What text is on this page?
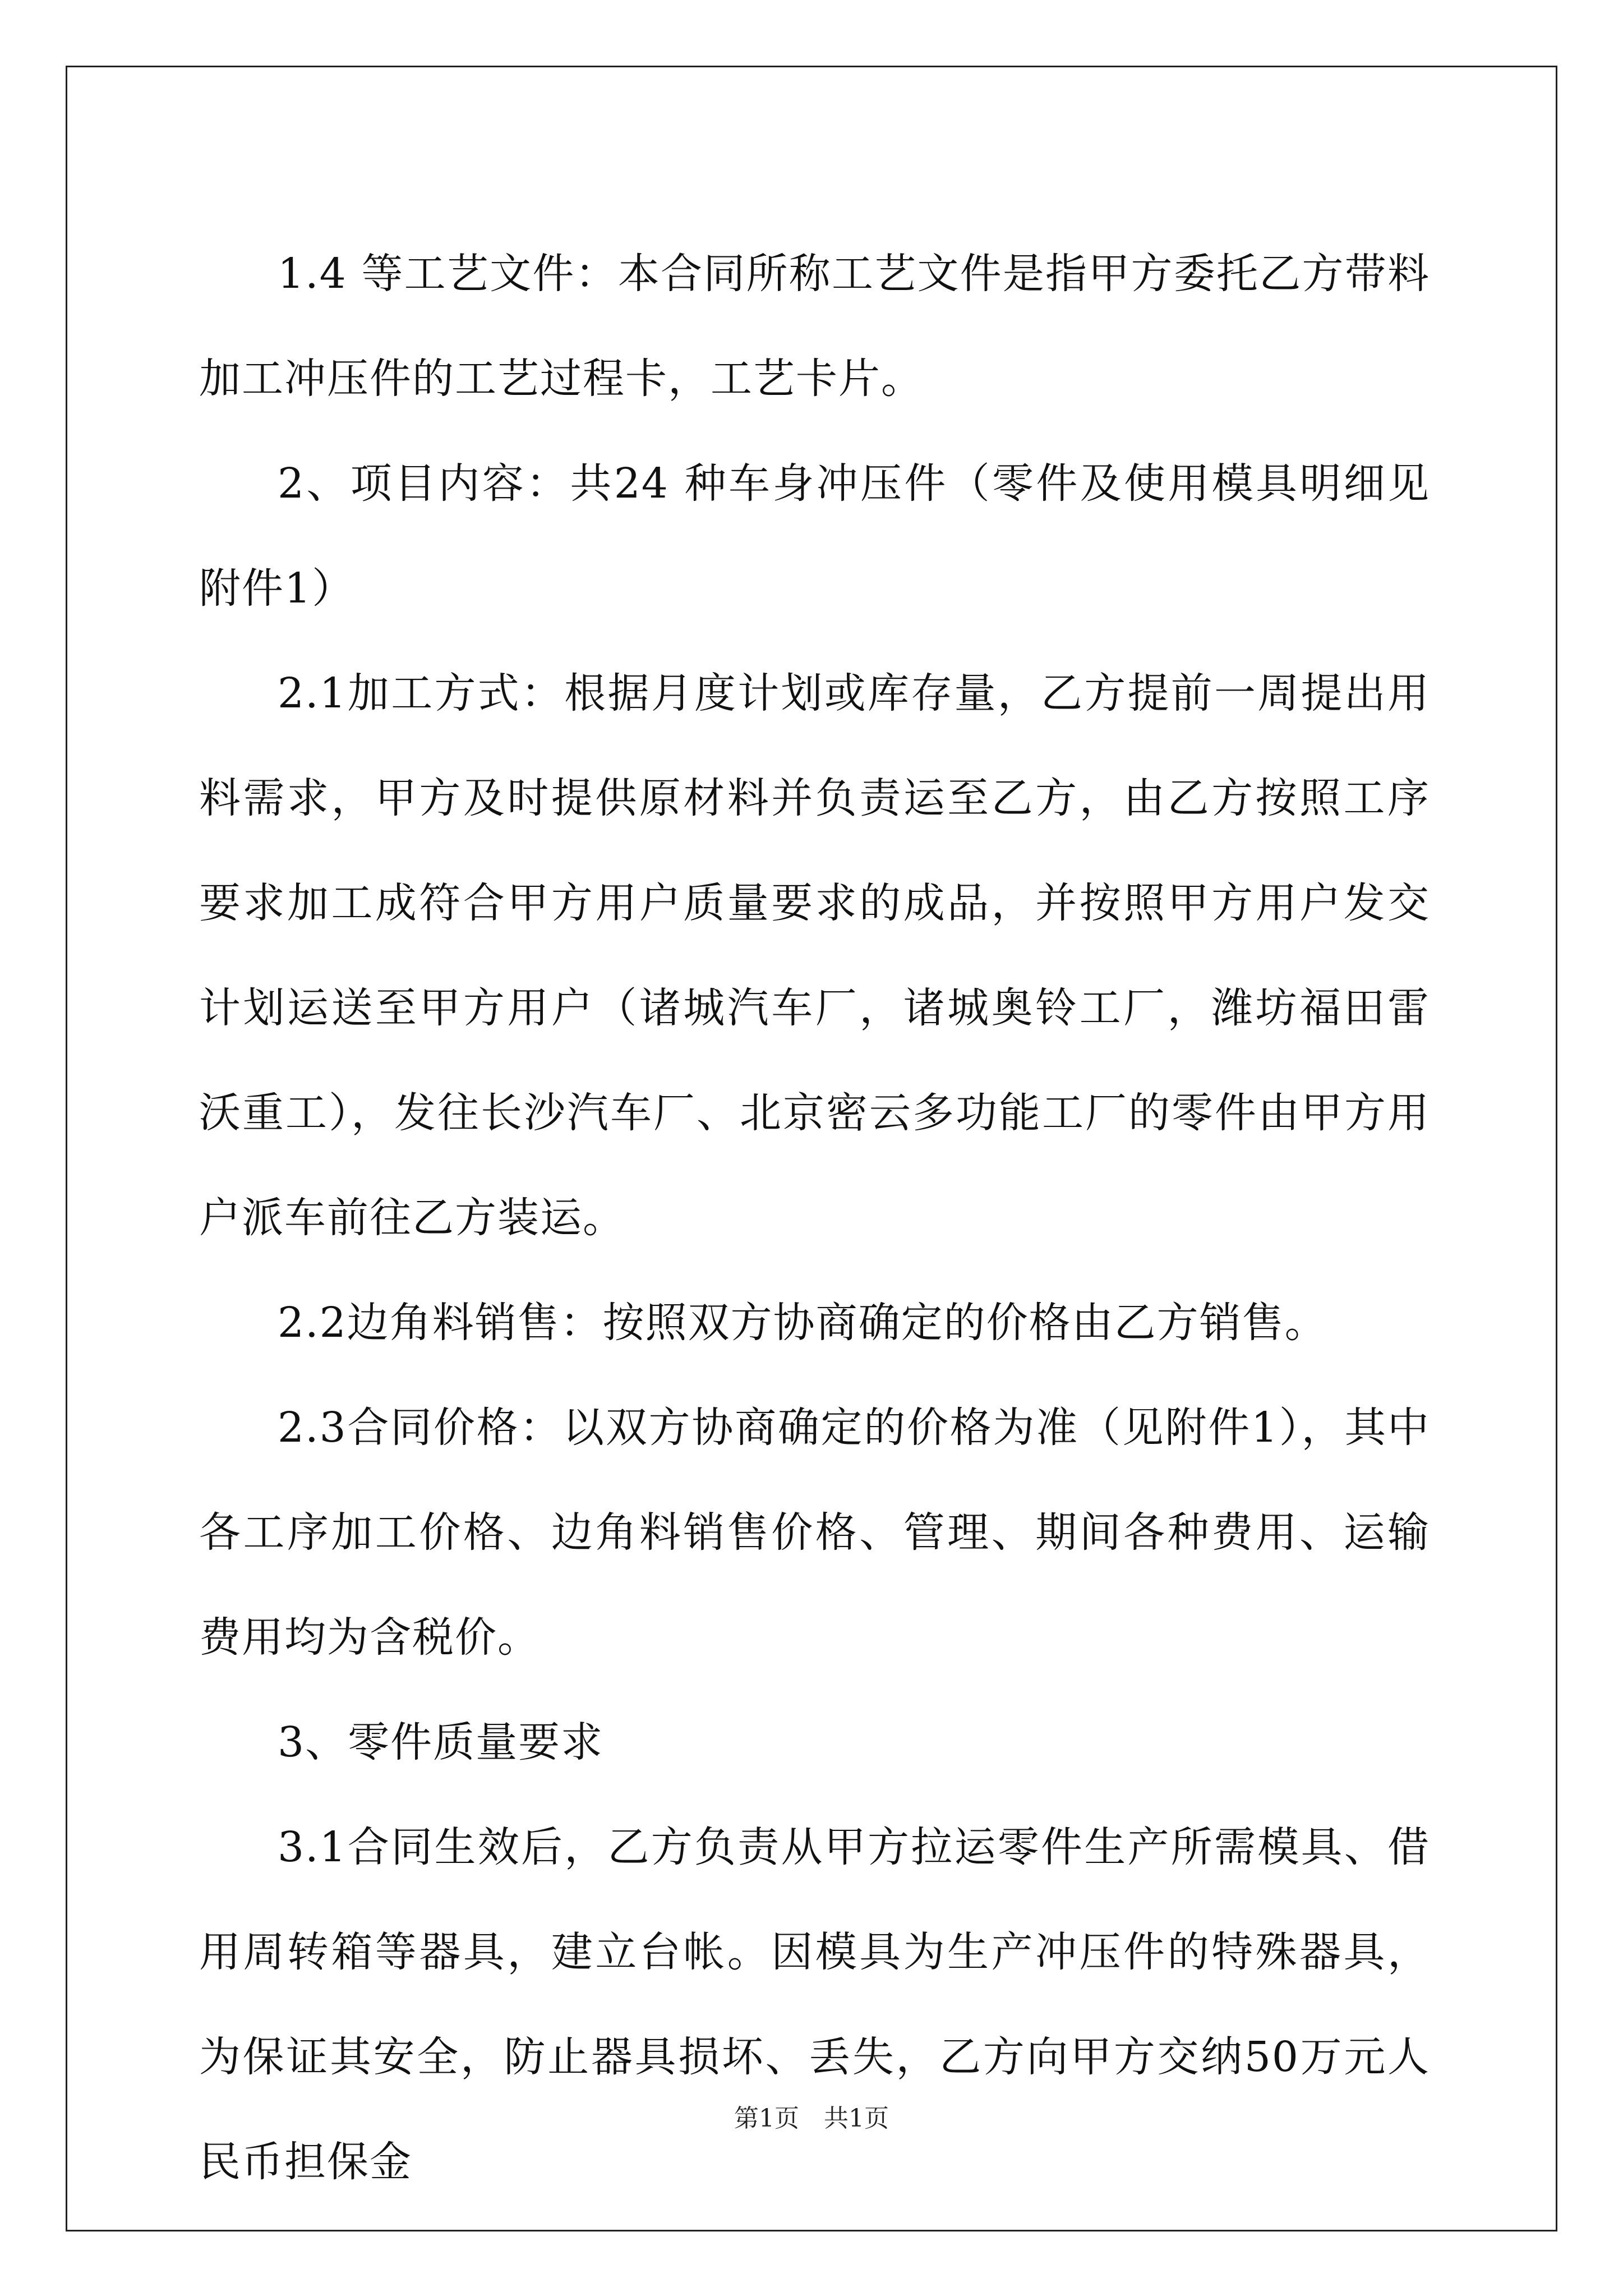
1.4 等工艺文件：本合同所称工艺文件是指甲方委托乙方带料加工冲压件的工艺过程卡，工艺卡片。

2、项目内容：共24 种车身冲压件（零件及使用模具明细见附件1）

2.1加工方式：根据月度计划或库存量，乙方提前一周提出用料需求，甲方及时提供原材料并负责运至乙方，由乙方按照工序要求加工成符合甲方用户质量要求的成品，并按照甲方用户发交计划运送至甲方用户（诸城汽车厂，诸城奥铃工厂，潍坊福田雷沃重工），发往长沙汽车厂、北京密云多功能工厂的零件由甲方用户派车前往乙方装运。

2.2边角料销售：按照双方协商确定的价格由乙方销售。

2.3合同价格：以双方协商确定的价格为准（见附件1），其中各工序加工价格、边角料销售价格、管理、期间各种费用、运输费用均为含税价。

3、零件质量要求

3.1合同生效后，乙方负责从甲方拉运零件生产所需模具、借用周转箱等器具，建立台帐。因模具为生产冲压件的特殊器具，为保证其安全，防止器具损坏、丢失，乙方向甲方交纳50万元人民币担保金

第1页　共1页
